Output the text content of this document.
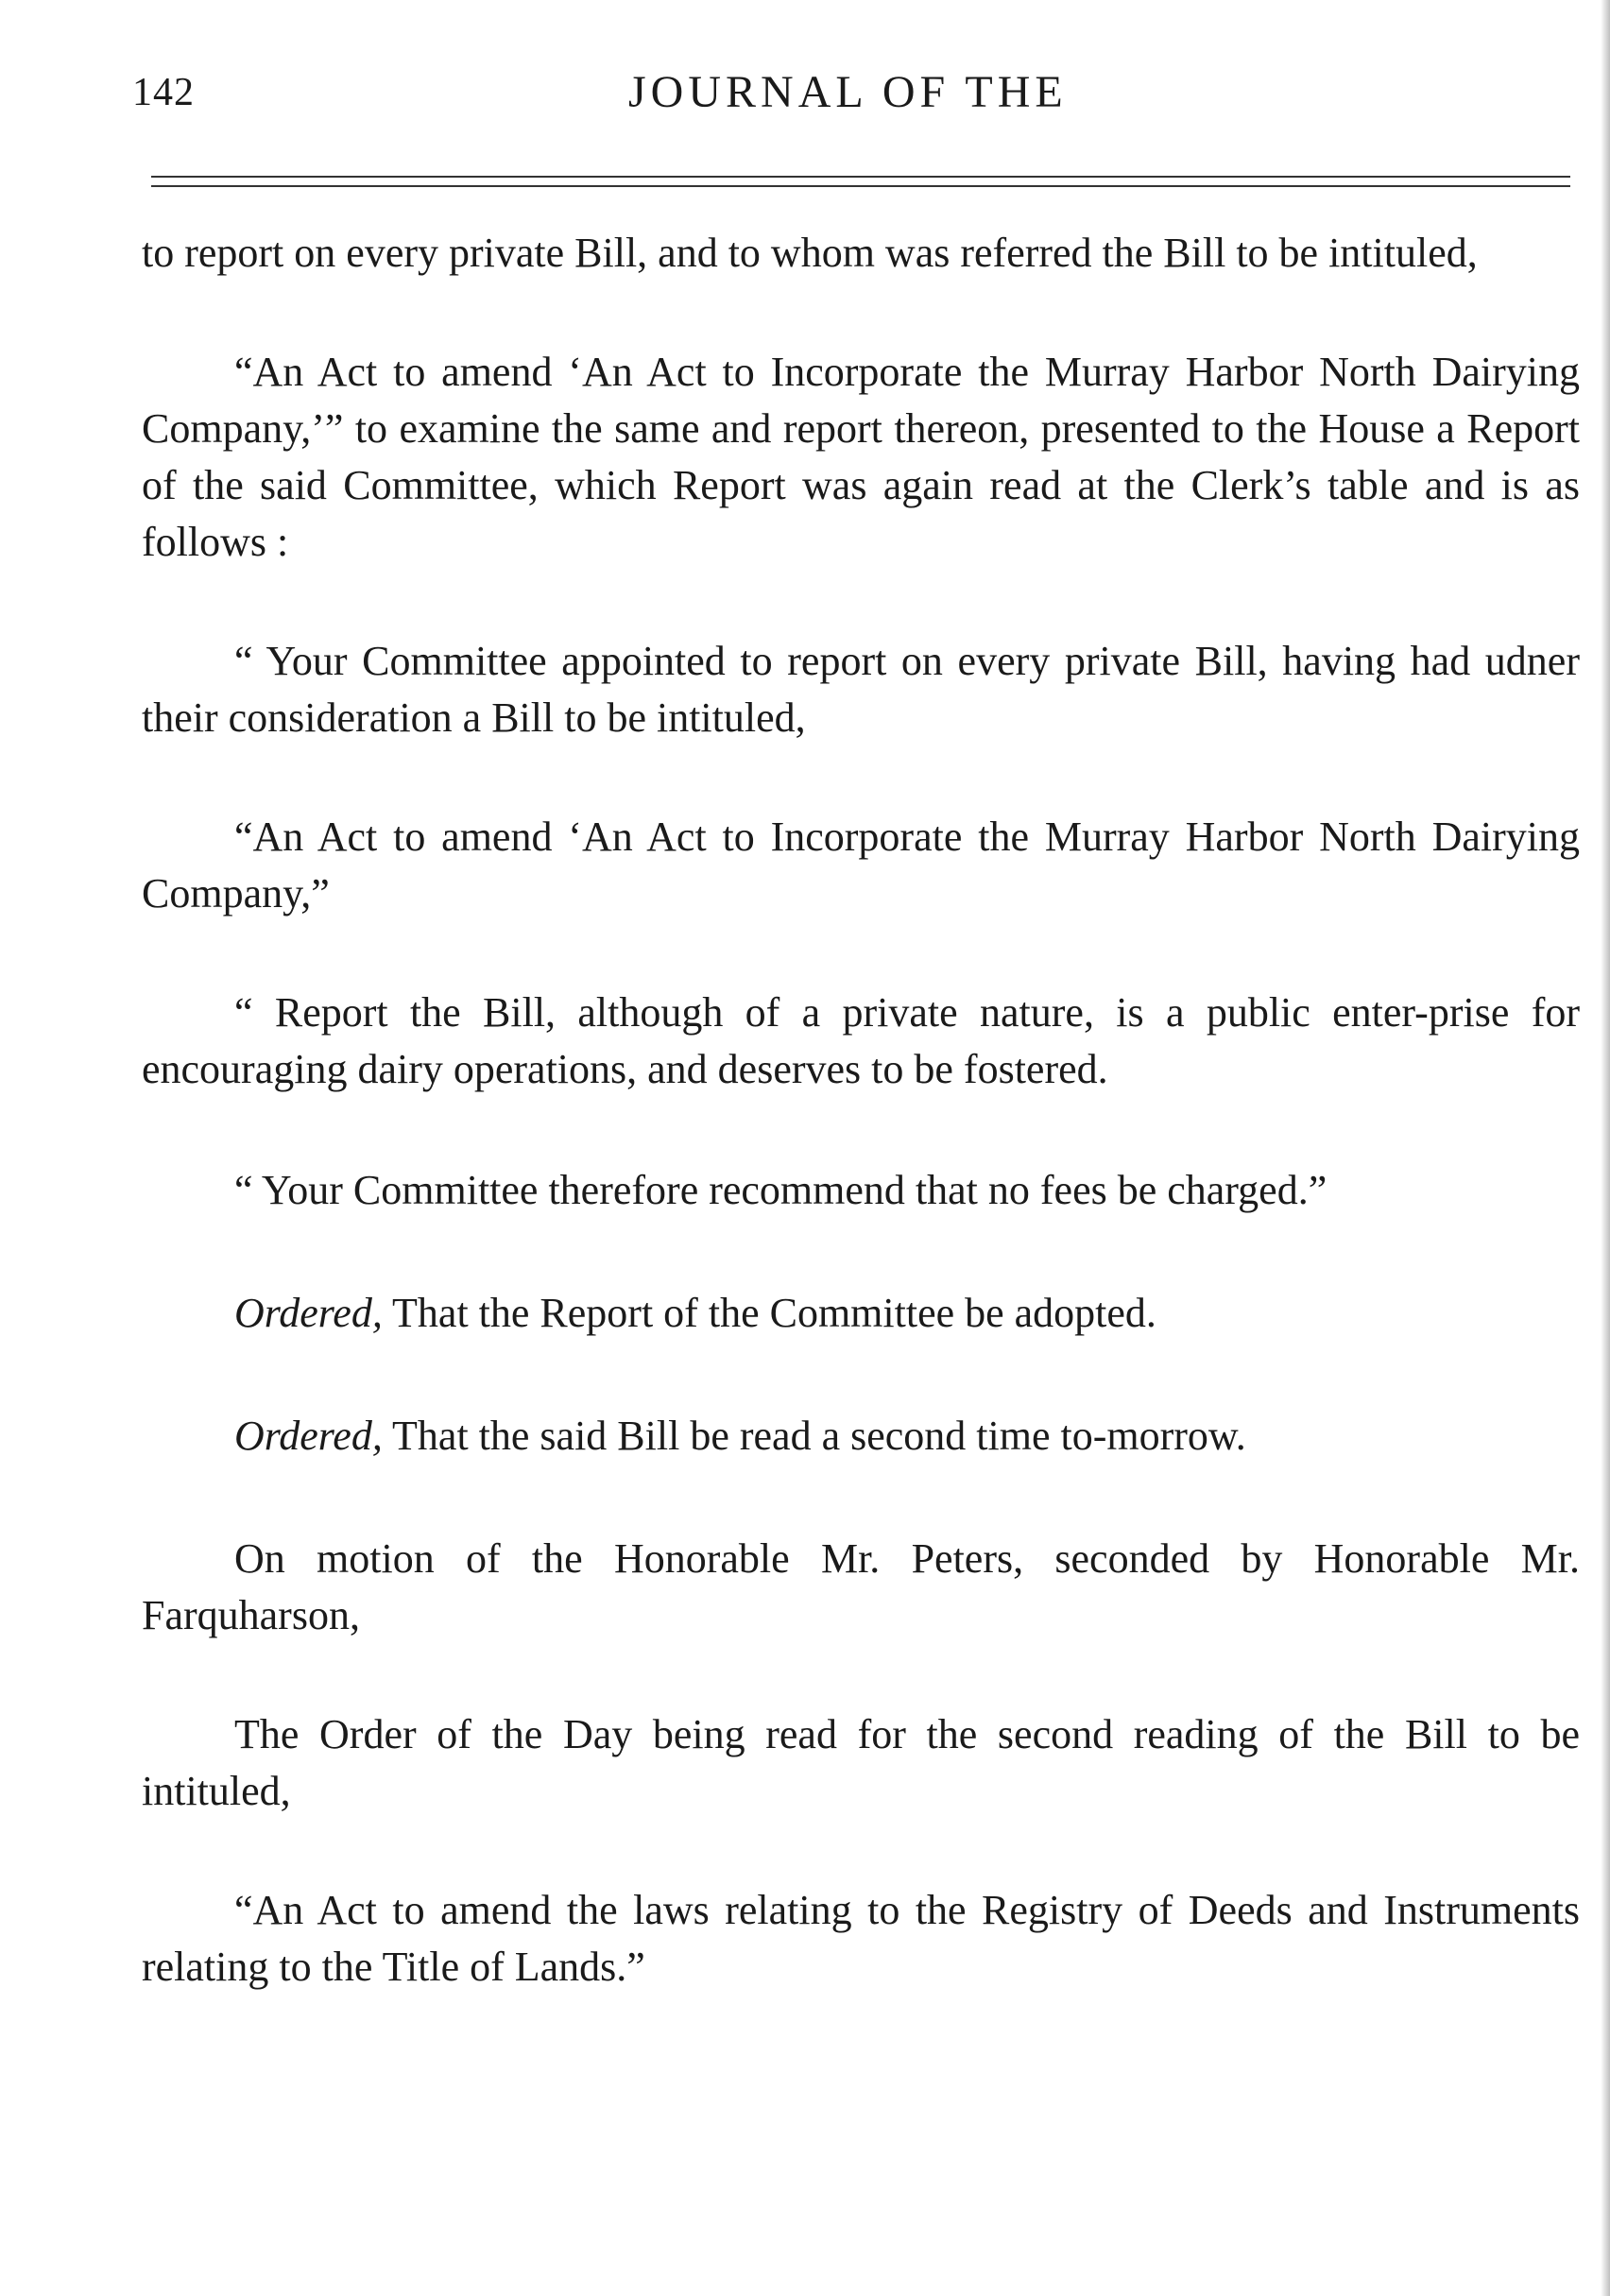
142	JOURNAL OF THE

to report on every private Bill, and to whom was referred the Bill to be intituled,

“An Act to amend ‘An Act to Incorporate the Murray Harbor North Dairying Company,’” to examine the same and report thereon, presented to the House a Report of the said Committee, which Report was again read at the Clerk’s table and is as follows :

“ Your Committee appointed to report on every private Bill, having had udner their consideration a Bill to be intituled,

“An Act to amend ‘An Act to Incorporate the Murray Harbor North Dairying Company,”

“ Report the Bill, although of a private nature, is a public enter-prise for encouraging dairy operations, and deserves to be fostered.

“ Your Committee therefore recommend that no fees be charged.”

Ordered, That the Report of the Committee be adopted.

Ordered, That the said Bill be read a second time to-morrow.

On motion of the Honorable Mr. Peters, seconded by Honorable Mr. Farquharson,

The Order of the Day being read for the second reading of the Bill to be intituled,

“An Act to amend the laws relating to the Registry of Deeds and Instruments relating to the Title of Lands.”
